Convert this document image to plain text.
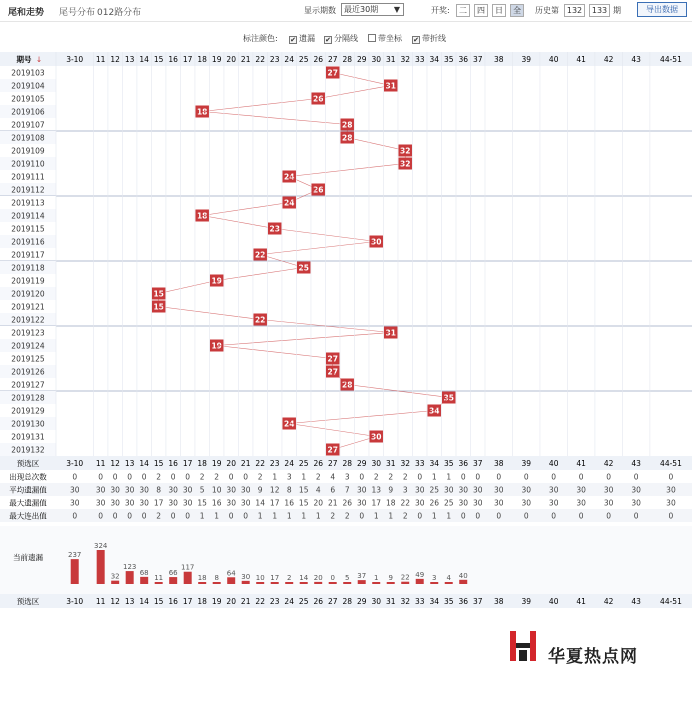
尾和走势 尾号分布 012路分布	显示期数	最近30期 ▼	开奖:	二	四	日	全	历史第 132	133 期	导出数据
标注颜色: ✔ 遗漏 ✔ 分隔线	带坐标 ✔ 带折线
期号 ↓	3-10 11 12 13 14 15 16 17 18 19 20 21 22 23 24 25 26 27 28 29 30 31 32 33 34 35 36 37 38 39 40 41 42 43	44-51
2019103	27
2019104	31
2019105	26
2019106	18
2019107	28
2019108	28
2019109	32
2019110	32
2019111	24
2019112	26
2019113	24
2019114	18
2019115	23
2019116	30
2019117	22
2019118	25
2019119	19
2019120	15
2019121	15
2019122	22
2019123	31
2019124	19
2019125	27
2019126	27
2019127	28
2019128	35
2019129	34
2019130	24
2019131	30
2019132	27
预选区	3-10 11 12 13 14 15 16 17 18 19 20 21 22 23 24 25 26 27 28 29 30 31 32 33 34 35 36 37 38 39 40 41 42 43	44-51
出现总次数	0	0 0 0 0 2 0 0 2 2 0 0 2 1 3 1 2 4 3 0 2 2 2 0 1 1 0 0 0	0	0	0	0	0	0
平均遗漏值	30 30 30 30 30 8 30 30 5 10 30 30 9 12 8 15 4 6 7 30 13 9 3 30 25 30 30 30 30 30 30 30 30 30	30
最大遗漏值	30 30 30 30 30 17 30 30 15 16 30 30 14 17 16 15 20 21 26 30 17 18 22 30 26 25 30 30 30 30 30 30 30 30	30
最大连出值	0	0 0 0 0 2 0 0 1 1 0 0 1 1 1 1 1 2 2 0 1 1 2 0 1 1 0 0 0	0	0	0	0	0	0
当前遗漏	237
324
32
123
68
11
66
117
18 8
64 30 10 17 2 14 20 0 5 37 1 9 22 49 3 4 40
预选区	3-10 11 12 13 14 15 16 17 18 19 20 21 22 23 24 25 26 27 28 29 30 31 32 33 34 35 36 37 38 39 40 41 42 43	44-51
华夏热点网
